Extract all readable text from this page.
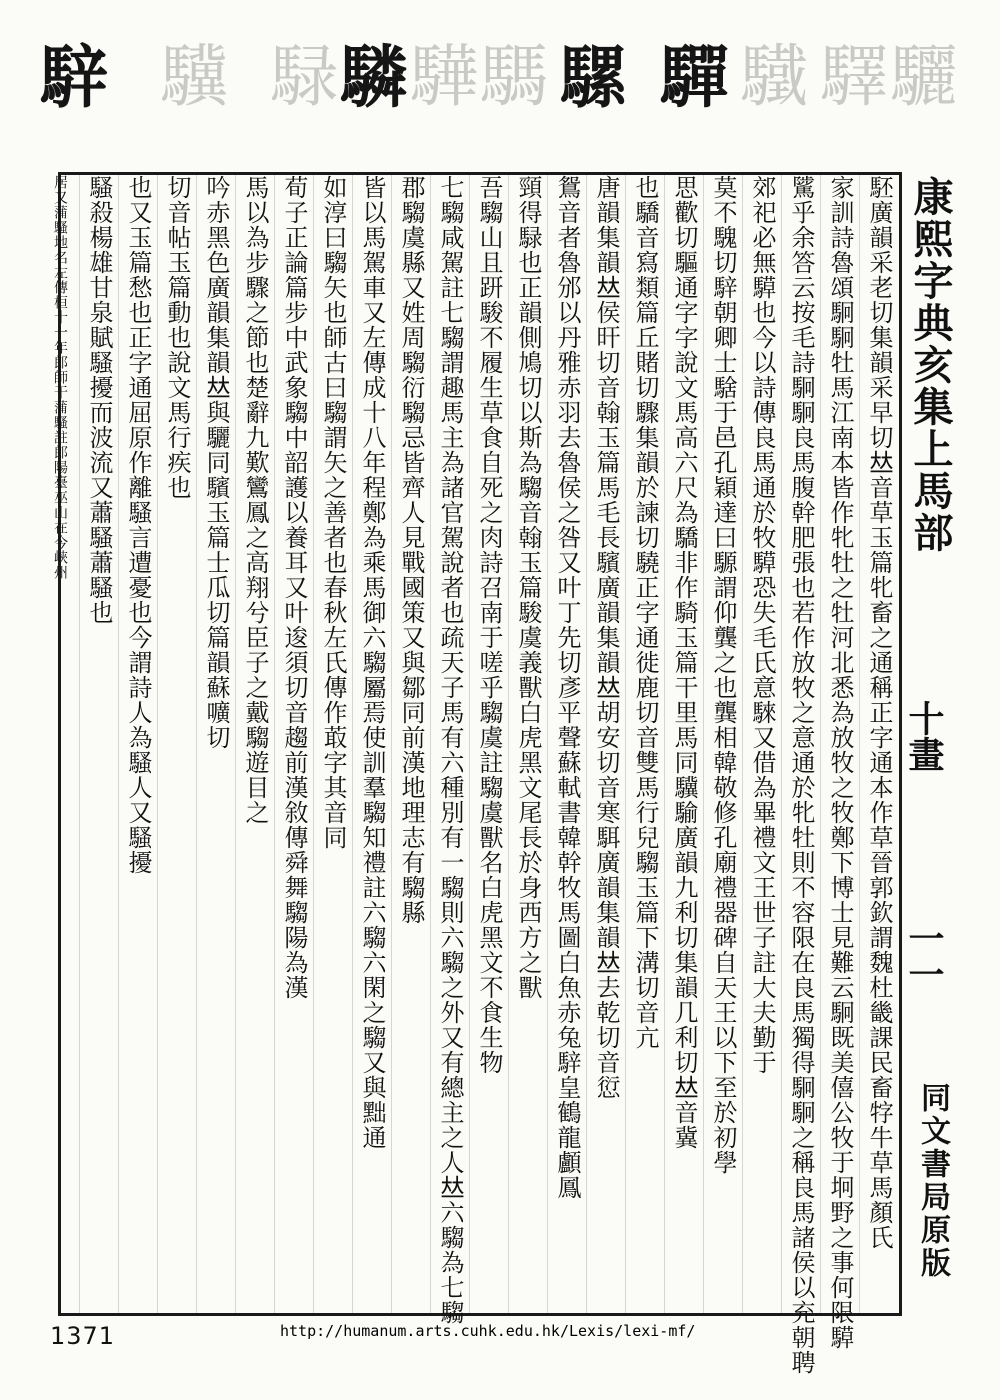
騂 驥 騄 驎 驊 騳 騾 驒 驖 驛 驪
駓廣韻采老切集韻采早切𠀤音草玉篇牝畜之通稱正字通本作草晉郭欽謂魏杜畿課民畜牸牛草馬顏氏
家訓詩魯頌駉駉牡馬江南本皆作牝牡之牡河北悉為放牧之牧鄭下博士見難云駉既美僖公牧于坰野之事何限騲
騭乎余答云按毛詩駉駉良馬腹幹肥張也若作放牧之意通於牝牡則不容限在良馬獨得駉駉之稱良馬諸侯以充朝聘
郊祀必無騲也今以詩傳良馬通於牧騲恐失毛氏意騋又借為畢禮文王世子註大夫勤于
莫不騩切騂朝卿士騇于邑孔穎達曰騵謂仰龔之也龔相韓敬修孔廟禮器碑自天王以下至於初學
思歡切驅通字字說文馬高六尺為驕非作騎玉篇干里馬同驥騟廣韻九利切集韻几利切𠀤音冀
也驕音寫類篇丘賭切驟集韻於諫切驍正字通徙鹿切音雙馬行兒騶玉篇下溝切音亢
唐韻集韻𠀤侯旰切音翰玉篇馬毛長驞廣韻集韻𠀤胡安切音寒駬廣韻集韻𠀤去乾切音愆
鴛音者魯邠以丹雅赤羽去魯侯之咎又叶丁先切彥平聲蘇軾書韓幹牧馬圖白魚赤兔騂皇鶴龍顱鳳
頸得騄也正韻側鳩切以斯為騶音翰玉篇駿虞義獸白虎黑文尾長於身西方之獸
吾騶山且趼駿不履生草食自死之肉詩召南于嗟乎騶虞註騶虞獸名白虎黑文不食生物
七騶咸駕註七騶謂趣馬主為諸官駕說者也疏天子馬有六種別有一騶則六騶之外又有總主之人𠀤六騶為七騶
郡騶虞縣又姓周騶衍騶忌皆齊人見戰國策又與鄒同前漢地理志有騶縣
皆以馬駕車又左傳成十八年程鄭為乘馬御六騶屬焉使訓羣騶知禮註六騶六閑之騶又與黜通
如淳曰騶矢也師古曰騶謂矢之善者也春秋左氏傳作菆字其音同
荀子正論篇步中武象騶中韶護以養耳又叶逡須切音趨前漢敘傳舜舞騶陽為漢
馬以為步驟之節也楚辭九歎鸞鳳之高翔兮臣子之戴騶遊目之
吟赤黑色廣韻集韻𠀤與驪同驞玉篇士瓜切篇韻蘇嚝切
切音帖玉篇動也說文馬行疾也
也又玉篇愁也正字通屈原作離騷言遭憂也今謂詩人為騷人又騷擾
騷殺楊雄甘泉賦騷擾而波流又蕭騷蕭騷也
居又蒲騷地名左傳桓十一年郎師干蒲騷註郎陽臺巫山在今峽州	康熙字典亥集上馬部
十畫
一一
同文書局原版
1371	http://humanum.arts.cuhk.edu.hk/Lexis/lexi-mf/
